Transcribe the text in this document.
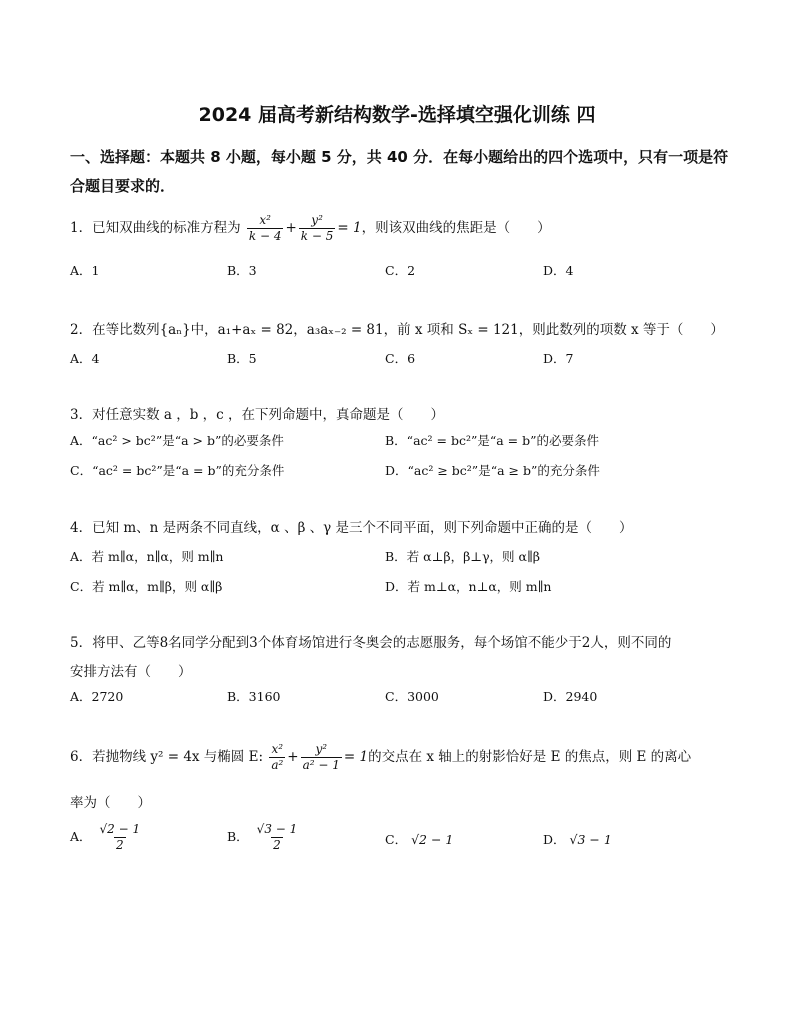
2024 届高考新结构数学-选择填空强化训练 四
一、选择题：本题共 8 小题，每小题 5 分，共 40 分．在每小题给出的四个选项中，只有一项是符合题目要求的．
1．已知双曲线的标准方程为 $\frac{\text{x²}}{k - 4} + \frac{\text{y²}}{k - 5} = 1$，则该双曲线的焦距是（　　）
A．1	B．3	C．2	D．4
2．在等比数列{aₙ}中，a₁+aₓ = 82，a₃aₓ₋₂ = 81，前 x 项和 Sₓ = 121，则此数列的项数 x 等于（　　）
A．4	B．5	C．6	D．7
3．对任意实数 a ，b ，c ，在下列命题中，真命题是（　　）
A．“ac² > bc²”是“a > b”的必要条件	B．“ac² = bc²”是“a = b”的必要条件
C．“ac² = bc²”是“a = b”的充分条件	D．“ac² ≥ bc²”是“a ≥ b”的充分条件
4．已知 m、n 是两条不同直线，α 、β 、γ 是三个不同平面，则下列命题中正确的是（　　）
A．若 m∥α，n∥α，则 m∥n	B．若 α⊥β，β⊥γ，则 α∥β
C．若 m∥α，m∥β，则 α∥β	D．若 m⊥α，n⊥α，则 m∥n
5．将甲、乙等8名同学分配到3个体育场馆进行冬奥会的志愿服务，每个场馆不能少于2人，则不同的
安排方法有（　　）
A．2720	B．3160	C．3000	D．2940
6．若抛物线 y² = 4x 与椭圆 E: $\frac{\text{x²}}{\text{a²}} + \frac{\text{y²}}{\text{a² − 1}} = 1$的交点在 x 轴上的射影恰好是 E 的焦点，则 E 的离心
率为（　　）
A． $\frac{√2 - 1}{2}$	B． $\frac{√3 - 1}{2}$	C． √2 − 1	D． √3 − 1
